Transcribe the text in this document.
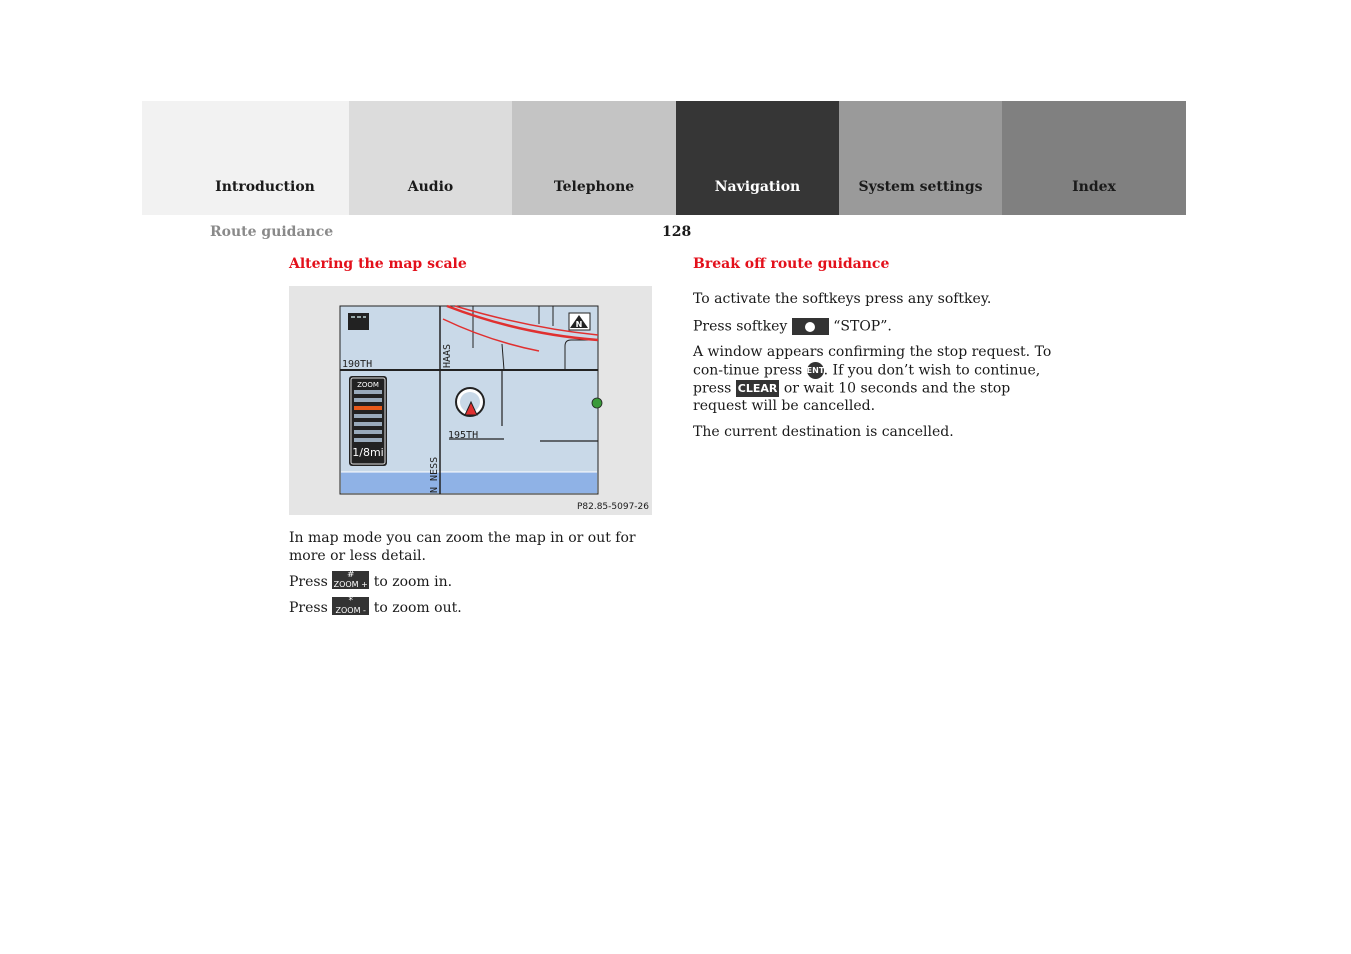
Introduction	Audio	Telephone	Navigation	System settings	Index
Route guidance	128
Altering the map scale
N
190TH
195TH
HAAS
N NESS
ZOOM
1/8mi
P82.85-5097-26

In map mode you can zoom the map in or out for more or less detail.

Press	#
ZOOM + to zoom in.

Press	*
ZOOM - to zoom out.

Break off route guidance

To activate the softkeys press any softkey.

Press softkey	“STOP”.

A window appears confirming the stop request. To con-tinue press ENT. If you don’t wish to continue, press CLEAR or wait 10 seconds and the stop request will be cancelled.

The current destination is cancelled.
